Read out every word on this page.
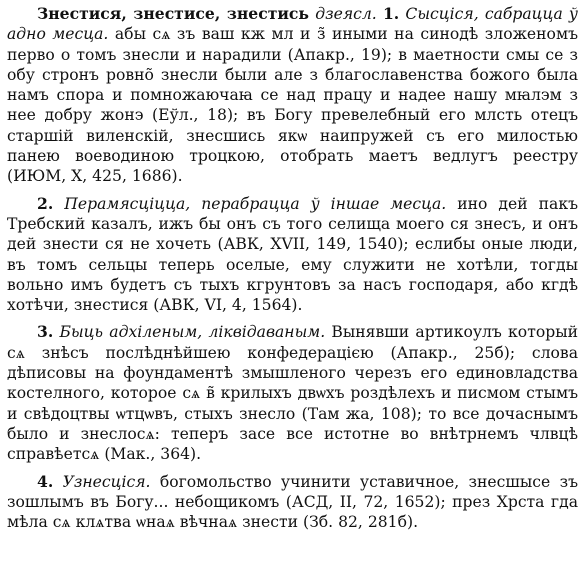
Знестися, знестисе, знестись дзеясл. 1. Сысціся, сабрацца ў адно месца. абы сѧ зъ ваш кж мл и з̃ иными на синодѣ зложеномъ перво о томъ знесли и нарадили (Апакр., 19); в маетности смы се з обу стронъ ровно̃ знесли были але з благославенства божого была намъ спора и помножаючаꙗ се над працу и надее нашу мꙗлэм з нее добру жонэ (Еўл., 18); въ Богу превелебный его млсть отецъ старшій виленскій, знесшись якѡ наипружей съ его милостью панею воеводиною троцкою, отобрать маетъ ведлугъ реестру (ИЮМ, Х, 425, 1686).

2. Перамясціцца, перабрацца ў іншае месца. ино дей пакъ Требский казалъ, ижъ бы онъ съ того селища моего ся знесъ, и онъ дей знести ся не хочеть (АВК, XVII, 149, 1540); еслибы оные люди, въ томъ сельцы теперь оселые, ему служити не хотѣли, тогды вольно имъ будетъ съ тыхъ кгрунтовъ за насъ господаря, або кгдѣ хотѣчи, знестися (АВК, VI, 4, 1564).

3. Быць адхіленым, ліквідаваным. Вынявши артикоулъ который сѧ знѣсъ послѣднѣйшею конфедерацією (Апакр., 25б); слова дѣписовы на фоундаментѣ змышленого черезъ его единовладства костелного, которое сѧ в̃ крилыхъ двѡхъ роздѣлехъ и писмом стымъ и свѣдоцтвы ѡтцѡвъ, стыхъ знесло (Там жа, 108); то все дочаснымъ было и знеслосѧ: теперъ засе все истотне во внѣтрнемъ члвцѣ справѣетсѧ (Мак., 364).

4. Узнесціся. богомольство учинити уставичное, знесшысе зъ зошлымъ въ Богу... небощикомъ (АСД, II, 72, 1652); през Хрста гда мѣла сѧ клѧтва ѡнаѧ вѣчнаѧ знести (Зб. 82, 281б).
